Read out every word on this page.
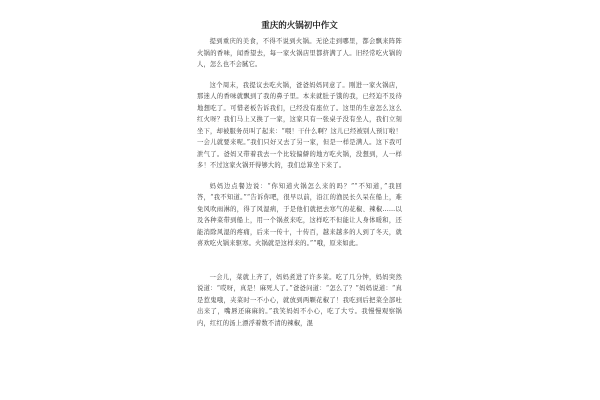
重庆的火锅初中作文

提到重庆的美食，不得不说到火锅。无论走到哪里，都会飘来阵阵火锅的香味，闻香望去，每一家火锅店里都挤满了人。旧经常吃火锅的人，怎么也不会腻它。

这个周末，我提议去吃火锅，爸爸妈妈同意了。刚进一家火锅店，那迷人的香味就飘到了我的鼻子里。本来就肚子饿的我，已经迫不及待地想吃了。可惜老板告诉我们，已经没有座位了。这里的生意怎么这么红火呀？我们马上又换了一家，这家只有一张桌子没有坐人，我们立刻坐下，却被服务员叫了起来：“喂！干什么啊？这儿已经被别人预订啦！一会儿就要来呢。”我们只好又去了另一家，但是一样是满人。这下我可泄气了。爸妈又带着我去一个比较偏僻的地方吃火锅，没想到，人一样多！不过这家火锅开得够大的，我们总算坐下来了。

妈妈边点餐边说：“你知道火锅怎么来的吗？”“不知道，”我回答，“我不知道。”“告诉你吧，很早以前，沿江的渔民长久呆在船上，难免风吹雨淋的，得了风湿病，于是他们就把去寒气的花椒、辣椒……以及各种菜带到船上，用一个锅煮来吃，这样吃不但能让人身体暖和，还能消除风湿的疼痛，后来一传十，十传百，越来越多的人到了冬天，就喜欢吃火锅来驱寒。火锅就是这样来的。”“哦，原来如此。

一会儿，菜就上齐了，妈妈煮进了许多菜。吃了几分钟，妈妈突然说道：“哎呀，真是！麻死人了。”爸爸问道：“怎么了？”妈妈说道：“真是惹鬼哦，夹菜时一不小心，就放到两颗花椒了！我吃到后把菜全部吐出来了，嘴唇还麻麻的。”我笑妈妈不小心，吃了大亏。我慢慢观察锅内，红红的汤上漂浮着数不清的辣椒，混
